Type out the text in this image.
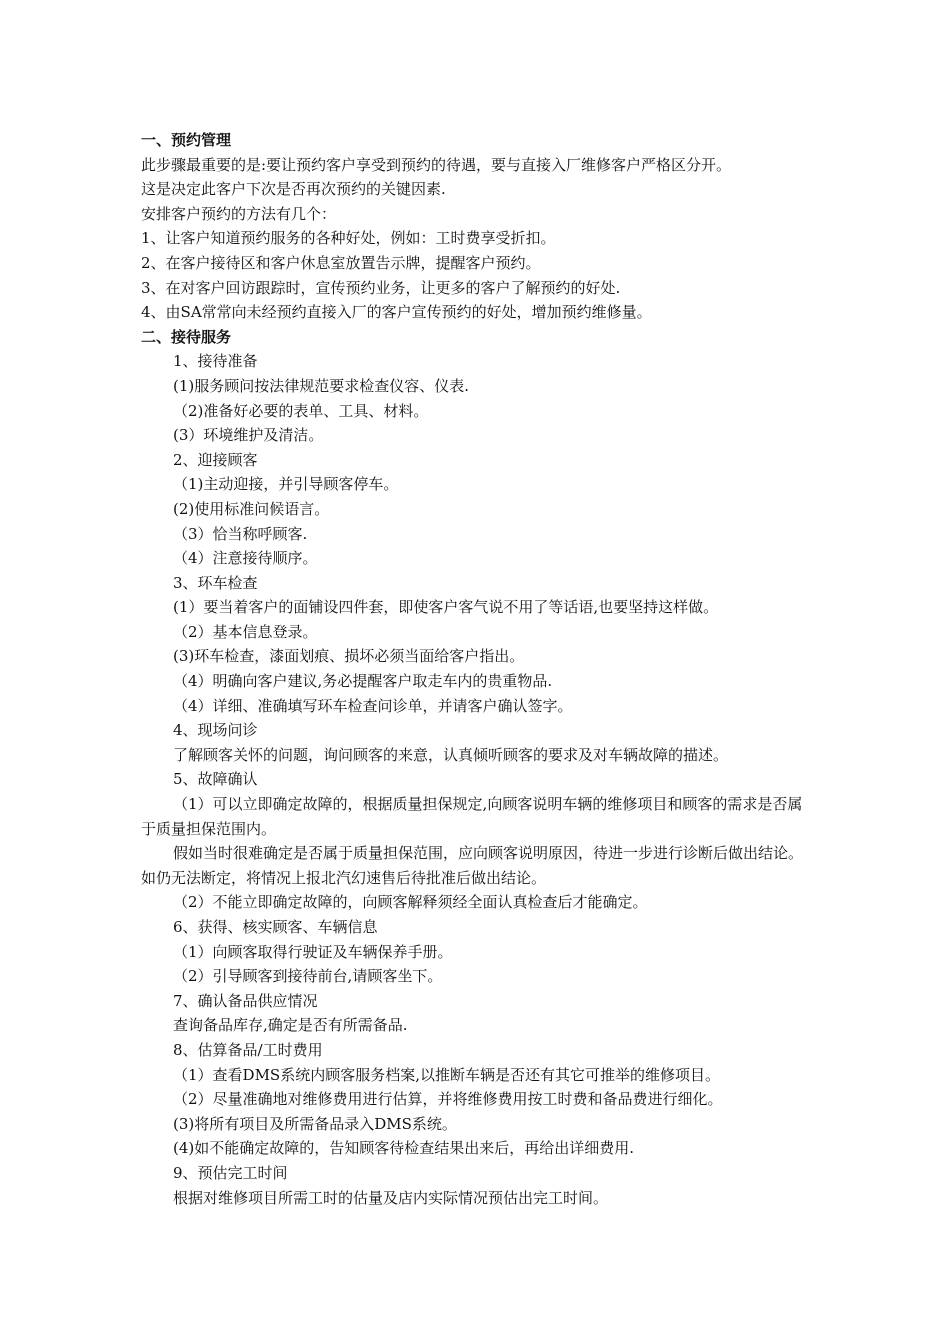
一、预约管理
此步骤最重要的是:要让预约客户享受到预约的待遇，要与直接入厂维修客户严格区分开。
这是决定此客户下次是否再次预约的关键因素.
安排客户预约的方法有几个：
1、让客户知道预约服务的各种好处，例如：工时费享受折扣。
2、在客户接待区和客户休息室放置告示牌，提醒客户预约。
3、在对客户回访跟踪时，宣传预约业务，让更多的客户了解预约的好处.
4、由SA常常向未经预约直接入厂的客户宣传预约的好处，增加预约维修量。
二、接待服务
1、接待准备
(1)服务顾问按法律规范要求检查仪容、仪表.
（2)准备好必要的表单、工具、材料。
(3）环境维护及清洁。
2、迎接顾客
（1)主动迎接，并引导顾客停车。
(2)使用标准问候语言。
（3）恰当称呼顾客.
（4）注意接待顺序。
3、环车检查
(1）要当着客户的面铺设四件套，即使客户客气说不用了等话语,也要坚持这样做。
（2）基本信息登录。
(3)环车检查，漆面划痕、损坏必须当面给客户指出。
（4）明确向客户建议,务必提醒客户取走车内的贵重物品.
（4）详细、准确填写环车检查问诊单，并请客户确认签字。
4、现场问诊
了解顾客关怀的问题，询问顾客的来意，认真倾听顾客的要求及对车辆故障的描述。
5、故障确认
（1）可以立即确定故障的，根据质量担保规定,向顾客说明车辆的维修项目和顾客的需求是否属于质量担保范围内。
假如当时很难确定是否属于质量担保范围，应向顾客说明原因，待进一步进行诊断后做出结论。如仍无法断定，将情况上报北汽幻速售后待批准后做出结论。
（2）不能立即确定故障的，向顾客解释须经全面认真检查后才能确定。
6、获得、核实顾客、车辆信息
（1）向顾客取得行驶证及车辆保养手册。
（2）引导顾客到接待前台,请顾客坐下。
7、确认备品供应情况
查询备品库存,确定是否有所需备品.
8、估算备品/工时费用
（1）查看DMS系统内顾客服务档案,以推断车辆是否还有其它可推举的维修项目。
（2）尽量准确地对维修费用进行估算，并将维修费用按工时费和备品费进行细化。
(3)将所有项目及所需备品录入DMS系统。
(4)如不能确定故障的，告知顾客待检查结果出来后，再给出详细费用.
9、预估完工时间
根据对维修项目所需工时的估量及店内实际情况预估出完工时间。
